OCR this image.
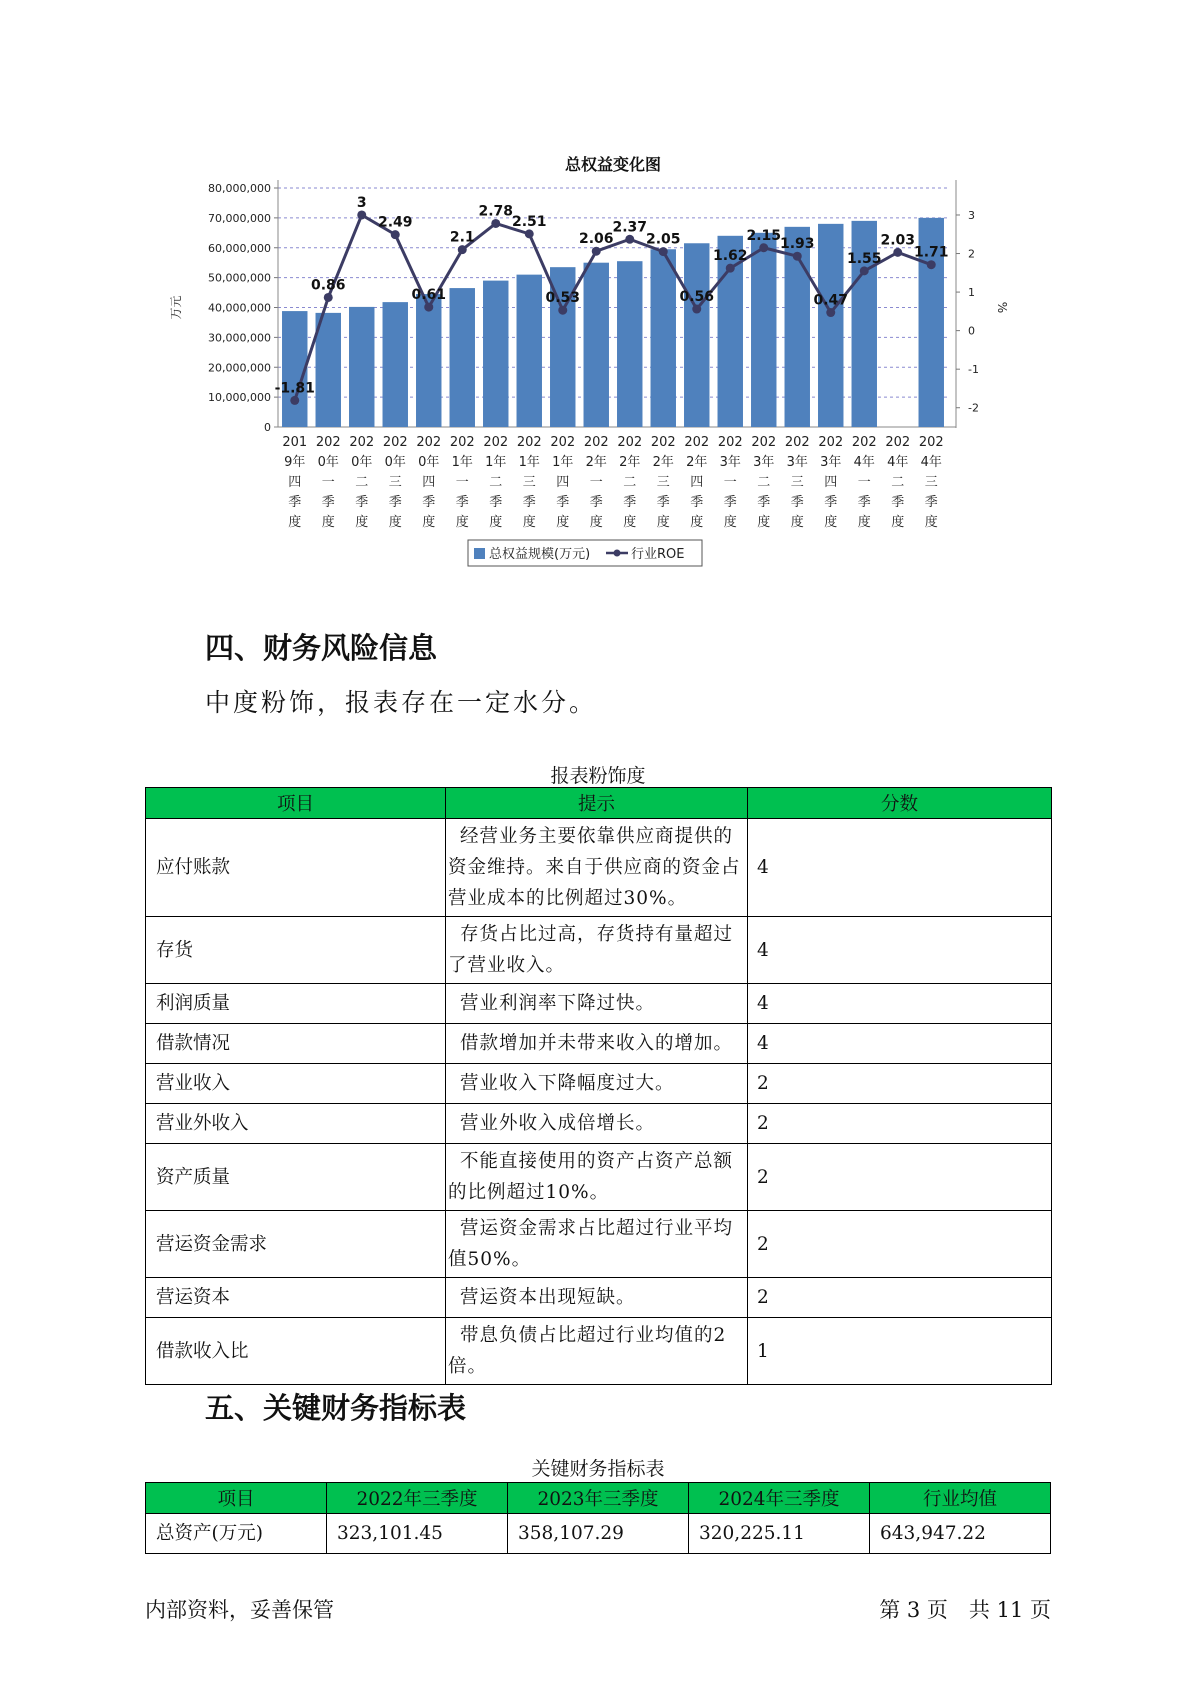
总权益变化图
0
10,000,000
20,000,000
30,000,000
40,000,000
50,000,000
60,000,000
70,000,000
80,000,000
-2
-1
0
1
2
3
万元	%
-1.81
0.86
3
2.49
0.61
2.1
2.78
2.51
0.53
2.06
2.37
2.05
0.56
1.62
2.15
1.93
0.47
1.55
2.03
1.71
201 9年四季度
202 0年一季度
202 0年二季度
202 0年三季度
202 0年四季度
202 1年一季度
202 1年二季度
202 1年三季度
202 1年四季度
202 2年一季度
202 2年二季度
202 2年三季度
202 2年四季度
202 3年一季度
202 3年二季度
202 3年三季度
202 3年四季度
202 4年一季度
202 4年二季度
202 4年三季度
总权益规模(万元)	行业ROE
四、财务风险信息

中度粉饰，报表存在一定水分。

报表粉饰度

项目	提示	分数
应付账款	经营业务主要依靠供应商提供的资金维持。来自于供应商的资金占营业成本的比例超过30%。	4
存货	存货占比过高，存货持有量超过了营业收入。	4
利润质量	营业利润率下降过快。	4
借款情况	借款增加并未带来收入的增加。	4
营业收入	营业收入下降幅度过大。	2
营业外收入	营业外收入成倍增长。	2
资产质量	不能直接使用的资产占资产总额的比例超过10%。	2
营运资金需求	营运资金需求占比超过行业平均值50%。	2
营运资本	营运资本出现短缺。	2
借款收入比	带息负债占比超过行业均值的2倍。	1
五、关键财务指标表

关键财务指标表

项目	2022年三季度	2023年三季度	2024年三季度	行业均值
总资产(万元)	323,101.45	358,107.29	320,225.11	643,947.22

内部资料，妥善保管	第 3 页　共 11 页
